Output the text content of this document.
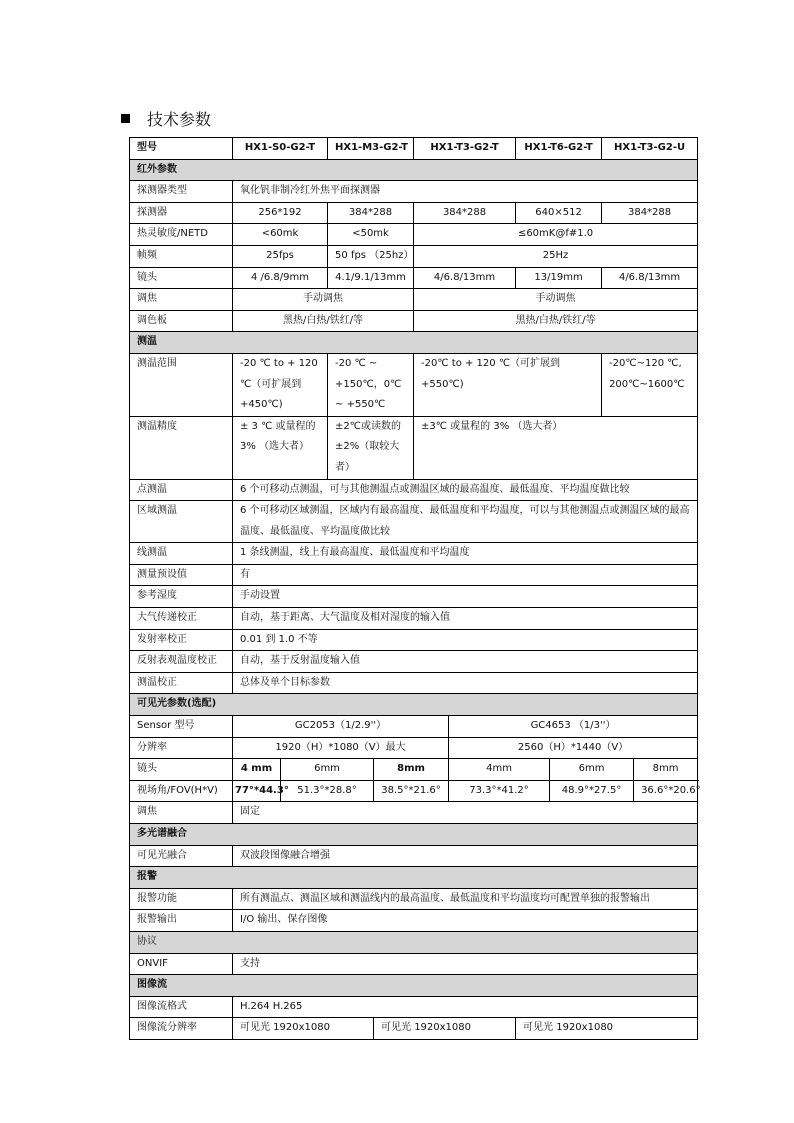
技术参数
型号	HX1-S0-G2-T		HX1-M3-G2-T		HX1-T3-G2-T		HX1-T6-G2-T		HX1-T3-G2-U	
红外参数										
探测器类型	氧化钒非制冷红外焦平面探测器									
探测器	256*192		384*288		384*288		640×512		384*288	
热灵敏度/NETD	<60mk		<50mk		≤60mK@f#1.0					
帧频	25fps		50 fps （25hz）		25Hz					
镜头	4 /6.8/9mm		4.1/9.1/13mm		4/6.8/13mm		13/19mm		4/6.8/13mm	
调焦	手动调焦				手动调焦					
调色板	黑热/白热/铁红/等				黑热/白热/铁红/等					
测温										
测温范围	-20 ℃ to + 120 ℃（可扩展到+450℃)		-20 ℃ ~ +150℃，0℃ ~ +550℃		-20℃ to + 120 ℃（可扩展到+550℃)				-20℃~120 ℃, 200℃~1600℃	
测温精度	± 3 ℃ 或量程的 3% （选大者）		±2℃或读数的±2%（取较大者）		±3℃ 或量程的 3% （选大者）					
点测温	6 个可移动点测温，可与其他测温点或测温区域的最高温度、最低温度、平均温度做比较									
区域测温	6 个可移动区域测温，区域内有最高温度、最低温度和平均温度，可以与其他测温点或测温区域的最高温度、最低温度、平均温度做比较									
线测温	1 条线测温，线上有最高温度、最低温度和平均温度									
测量预设值	有									
参考湿度	手动设置									
大气传递校正	自动，基于距离、大气温度及相对湿度的输入值									
发射率校正	0.01 到 1.0 不等									
反射表观温度校正	自动，基于反射温度输入值									
测温校正	总体及单个目标参数									
可见光参数(选配)										
Sensor 型号	GC2053（1/2.9''）					GC4653 （1/3''）				
分辨率	1920（H）*1080（V）最大					2560（H）*1440（V）				
镜头	4 mm	6mm		8mm		4mm		6mm		8mm
视场角/FOV(H*V)	77°*44.3°	51.3°*28.8°		38.5°*21.6°		73.3°*41.2°		48.9°*27.5°		36.6°*20.6°
调焦	固定									
多光谱融合										
可见光融合	双波段图像融合增强									
报警										
报警功能	所有测温点、测温区域和测温线内的最高温度、最低温度和平均温度均可配置单独的报警输出									
报警输出	I/O 输出、保存图像									
协议										
ONVIF	支持									
图像流										
图像流格式	H.264 H.265									
图像流分辨率	可见光 1920x1080			可见光 1920x1080			可见光 1920x1080			
